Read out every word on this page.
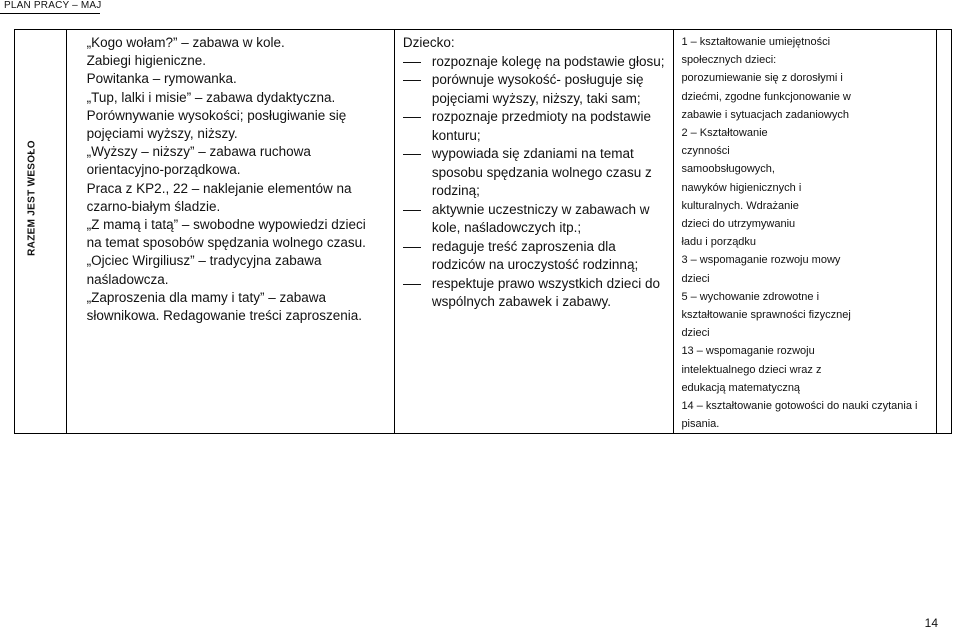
PLAN PRACY – MAJ
RAZEM JEST WESOŁO

„Kogo wołam?” – zabawa w kole.
Zabiegi higieniczne.
Powitanka – rymowanka.
„Tup, lalki i misie” – zabawa dydaktyczna.
Porównywanie wysokości; posługiwanie się
pojęciami wyższy, niższy.
„Wyższy – niższy” – zabawa ruchowa
orientacyjno-porządkowa.
Praca z KP2., 22 – naklejanie elementów na
czarno-białym śladzie.
„Z mamą i tatą” – swobodne wypowiedzi dzieci
na temat sposobów spędzania wolnego czasu.
„Ojciec Wirgiliusz” – tradycyjna zabawa
naśladowcza.
„Zaproszenia dla mamy i taty” – zabawa
słownikowa. Redagowanie treści zaproszenia.

Dziecko:
rozpoznaje kolegę na podstawie głosu;
porównuje wysokość- posługuje się pojęciami wyższy, niższy, taki sam;
rozpoznaje przedmioty na podstawie konturu;
wypowiada się zdaniami na temat sposobu spędzania wolnego czasu z rodziną;
aktywnie uczestniczy w zabawach w kole, naśladowczych itp.;
redaguje treść zaproszenia dla rodziców na uroczystość rodzinną;
respektuje prawo wszystkich dzieci do wspólnych zabawek i zabawy.

1 – kształtowanie umiejętności
społecznych dzieci:
porozumiewanie się z dorosłymi i
dziećmi, zgodne funkcjonowanie w
zabawie i sytuacjach zadaniowych
2 – Kształtowanie
czynności
samoobsługowych,
nawyków higienicznych i
kulturalnych. Wdrażanie
dzieci do utrzymywaniu
ładu i porządku
3 – wspomaganie rozwoju mowy
dzieci
5 – wychowanie zdrowotne i
kształtowanie sprawności fizycznej
dzieci
13 – wspomaganie rozwoju
intelektualnego dzieci wraz z
edukacją matematyczną
14 – kształtowanie gotowości do nauki czytania i
pisania.

14
